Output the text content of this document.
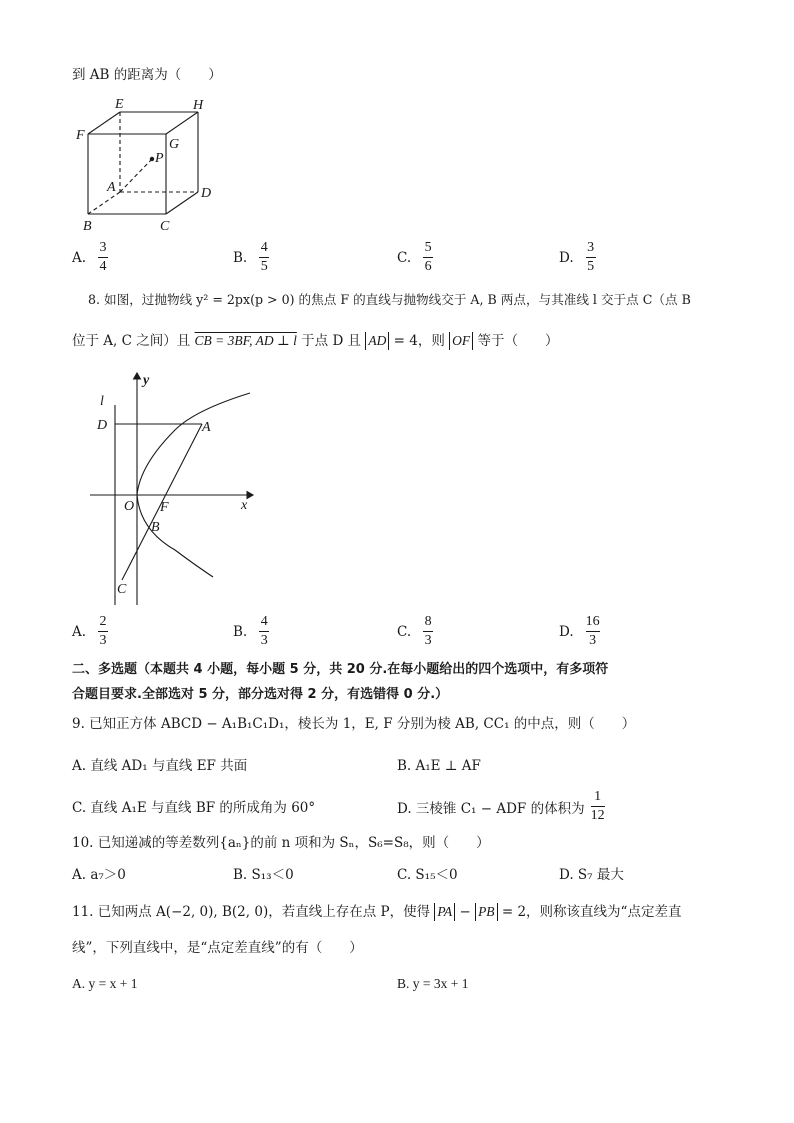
到 AB 的距离为（　　）
E	H
F
G
P
A	D
B	C
A. $\frac{3}{4}$	B. $\frac{4}{5}$	C. $\frac{5}{6}$	D. $\frac{3}{5}$
8. 如图，过抛物线 y² = 2px(p > 0) 的焦点 F 的直线与抛物线交于 A, B 两点，与其准线 l 交于点 C（点 B
位于 A, C 之间）且 CB = 3BF, AD ⊥ l 于点 D 且 AD = 4，则 OF 等于（　　）
y
l
D	A
O F	x
B
C
A. $\frac{2}{3}$	B. $\frac{4}{3}$	C. $\frac{8}{3}$	D. $\frac{16}{3}$
二、多选题（本题共 4 小题，每小题 5 分，共 20 分.在每小题给出的四个选项中，有多项符
合题目要求.全部选对 5 分，部分选对得 2 分，有选错得 0 分.）
9. 已知正方体 ABCD − A₁B₁C₁D₁，棱长为 1，E, F 分别为棱 AB, CC₁ 的中点，则（　　）
A. 直线 AD₁ 与直线 EF 共面	B. A₁E ⊥ AF
C. 直线 A₁E 与直线 BF 的所成角为 60°	D. 三棱锥 C₁ − ADF 的体积为 $\frac{1}{12}$
10. 已知递减的等差数列{aₙ}的前 n 项和为 Sₙ，S₆=S₈，则（　　）
A. a₇＞0	B. S₁₃＜0	C. S₁₅＜0	D. S₇ 最大
11. 已知两点 A(−2, 0), B(2, 0)，若直线上存在点 P，使得 PA − PB = 2，则称该直线为“点定差直
线”，下列直线中，是“点定差直线”的有（　　）
A. y = x + 1	B. y = 3x + 1
